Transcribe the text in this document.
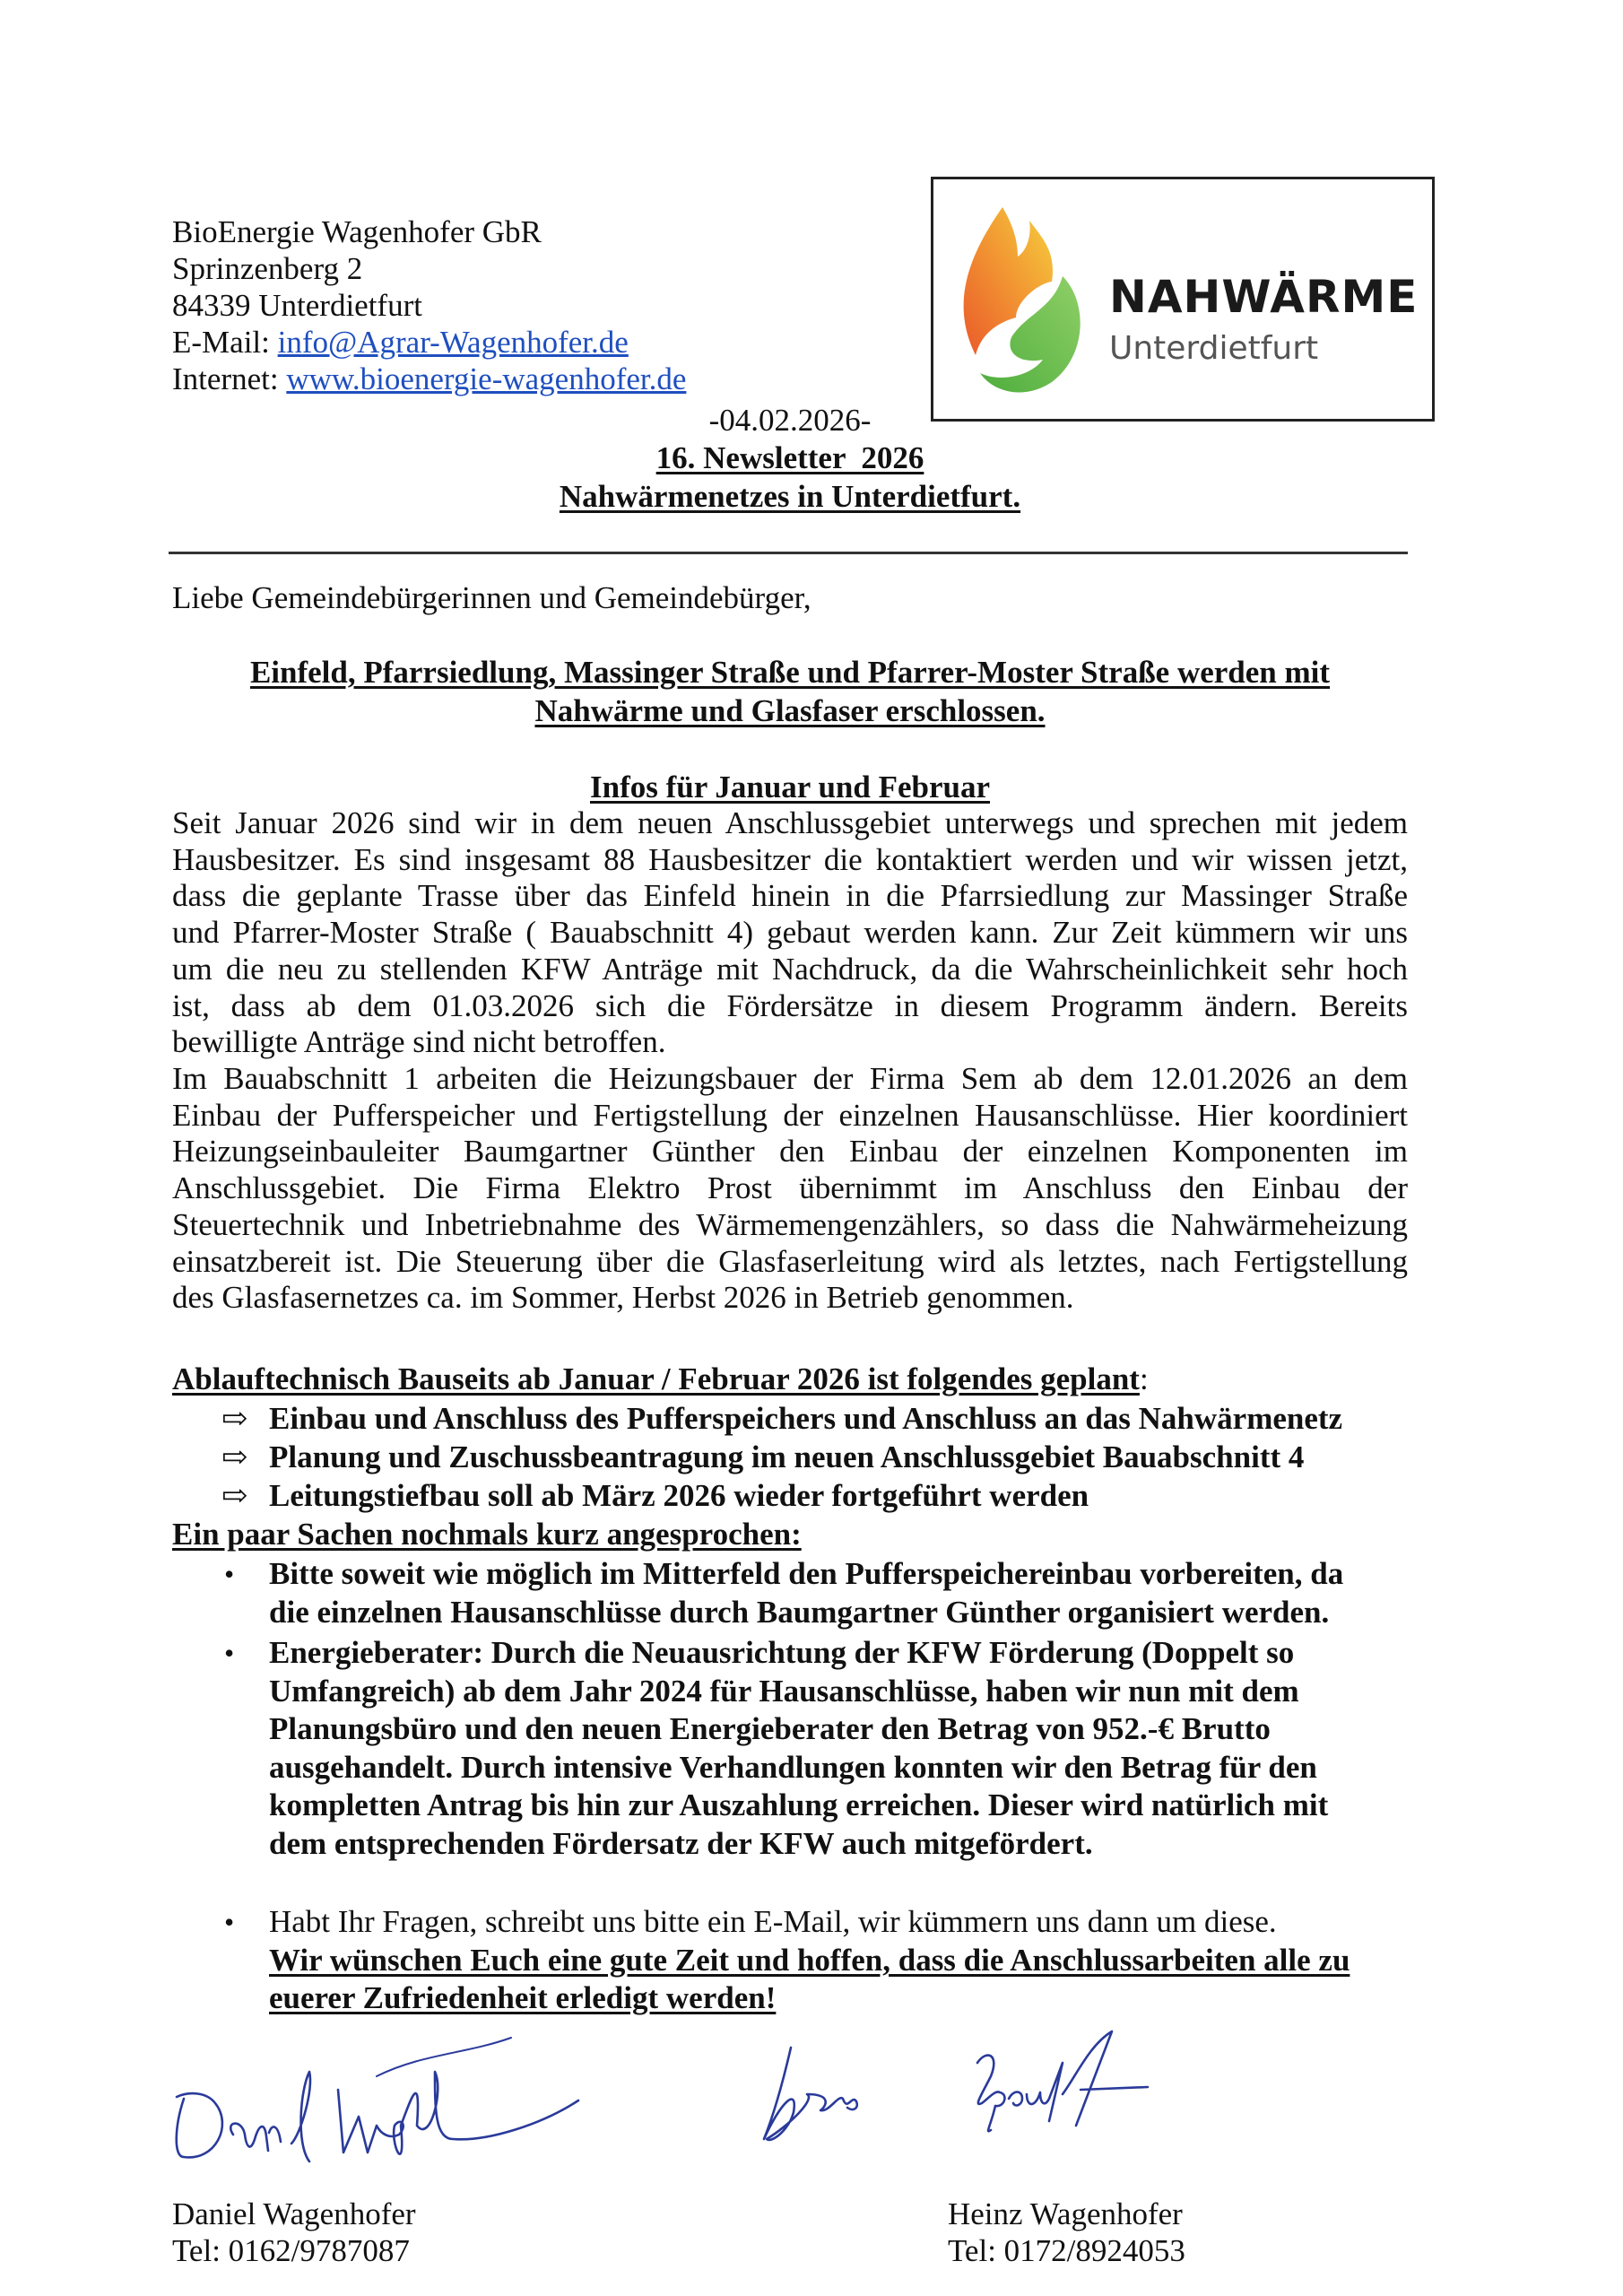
BioEnergie Wagenhofer GbR
Sprinzenberg 2
84339 Unterdietfurt
E-Mail: info@Agrar-Wagenhofer.de
Internet: www.bioenergie-wagenhofer.de
NAHWÄRME
Unterdietfurt
-04.02.2026-
16. Newsletter  2026
Nahwärmenetzes in Unterdietfurt.
Liebe Gemeindebürgerinnen und Gemeindebürger,
Einfeld, Pfarrsiedlung, Massinger Straße und Pfarrer-Moster Straße werden mit
Nahwärme und Glasfaser erschlossen.
Infos für Januar und Februar
Seit Januar 2026 sind wir in dem neuen Anschlussgebiet unterwegs und sprechen mit jedem
Hausbesitzer. Es sind insgesamt 88 Hausbesitzer die kontaktiert werden und wir wissen jetzt,
dass die geplante Trasse über das Einfeld hinein in die Pfarrsiedlung zur Massinger Straße
und Pfarrer-Moster Straße ( Bauabschnitt 4) gebaut werden kann. Zur Zeit kümmern wir uns
um die neu zu stellenden KFW Anträge mit Nachdruck, da die Wahrscheinlichkeit sehr hoch
ist, dass ab dem 01.03.2026 sich die Fördersätze in diesem Programm ändern. Bereits
bewilligte Anträge sind nicht betroffen.
Im Bauabschnitt 1 arbeiten die Heizungsbauer der Firma Sem ab dem 12.01.2026 an dem
Einbau der Pufferspeicher und Fertigstellung der einzelnen Hausanschlüsse. Hier koordiniert
Heizungseinbauleiter Baumgartner Günther den Einbau der einzelnen Komponenten im
Anschlussgebiet. Die Firma Elektro Prost übernimmt im Anschluss den Einbau der
Steuertechnik und Inbetriebnahme des Wärmemengenzählers, so dass die Nahwärmeheizung
einsatzbereit ist. Die Steuerung über die Glasfaserleitung wird als letztes, nach Fertigstellung
des Glasfasernetzes ca. im Sommer, Herbst 2026 in Betrieb genommen.
Ablauftechnisch Bauseits ab Januar / Februar 2026 ist folgendes geplant:
⇨ Einbau und Anschluss des Pufferspeichers und Anschluss an das Nahwärmenetz
⇨ Planung und Zuschussbeantragung im neuen Anschlussgebiet Bauabschnitt 4
⇨ Leitungstiefbau soll ab März 2026 wieder fortgeführt werden
Ein paar Sachen nochmals kurz angesprochen:
• Bitte soweit wie möglich im Mitterfeld den Pufferspeichereinbau vorbereiten, da
die einzelnen Hausanschlüsse durch Baumgartner Günther organisiert werden.
• Energieberater: Durch die Neuausrichtung der KFW Förderung (Doppelt so
Umfangreich) ab dem Jahr 2024 für Hausanschlüsse, haben wir nun mit dem
Planungsbüro und den neuen Energieberater den Betrag von 952.-€ Brutto
ausgehandelt. Durch intensive Verhandlungen konnten wir den Betrag für den
kompletten Antrag bis hin zur Auszahlung erreichen. Dieser wird natürlich mit
dem entsprechenden Fördersatz der KFW auch mitgefördert.
• Habt Ihr Fragen, schreibt uns bitte ein E-Mail, wir kümmern uns dann um diese.
Wir wünschen Euch eine gute Zeit und hoffen, dass die Anschlussarbeiten alle zu
euerer Zufriedenheit erledigt werden!
Daniel Wagenhofer
Tel: 0162/9787087
Heinz Wagenhofer
Tel: 0172/8924053
